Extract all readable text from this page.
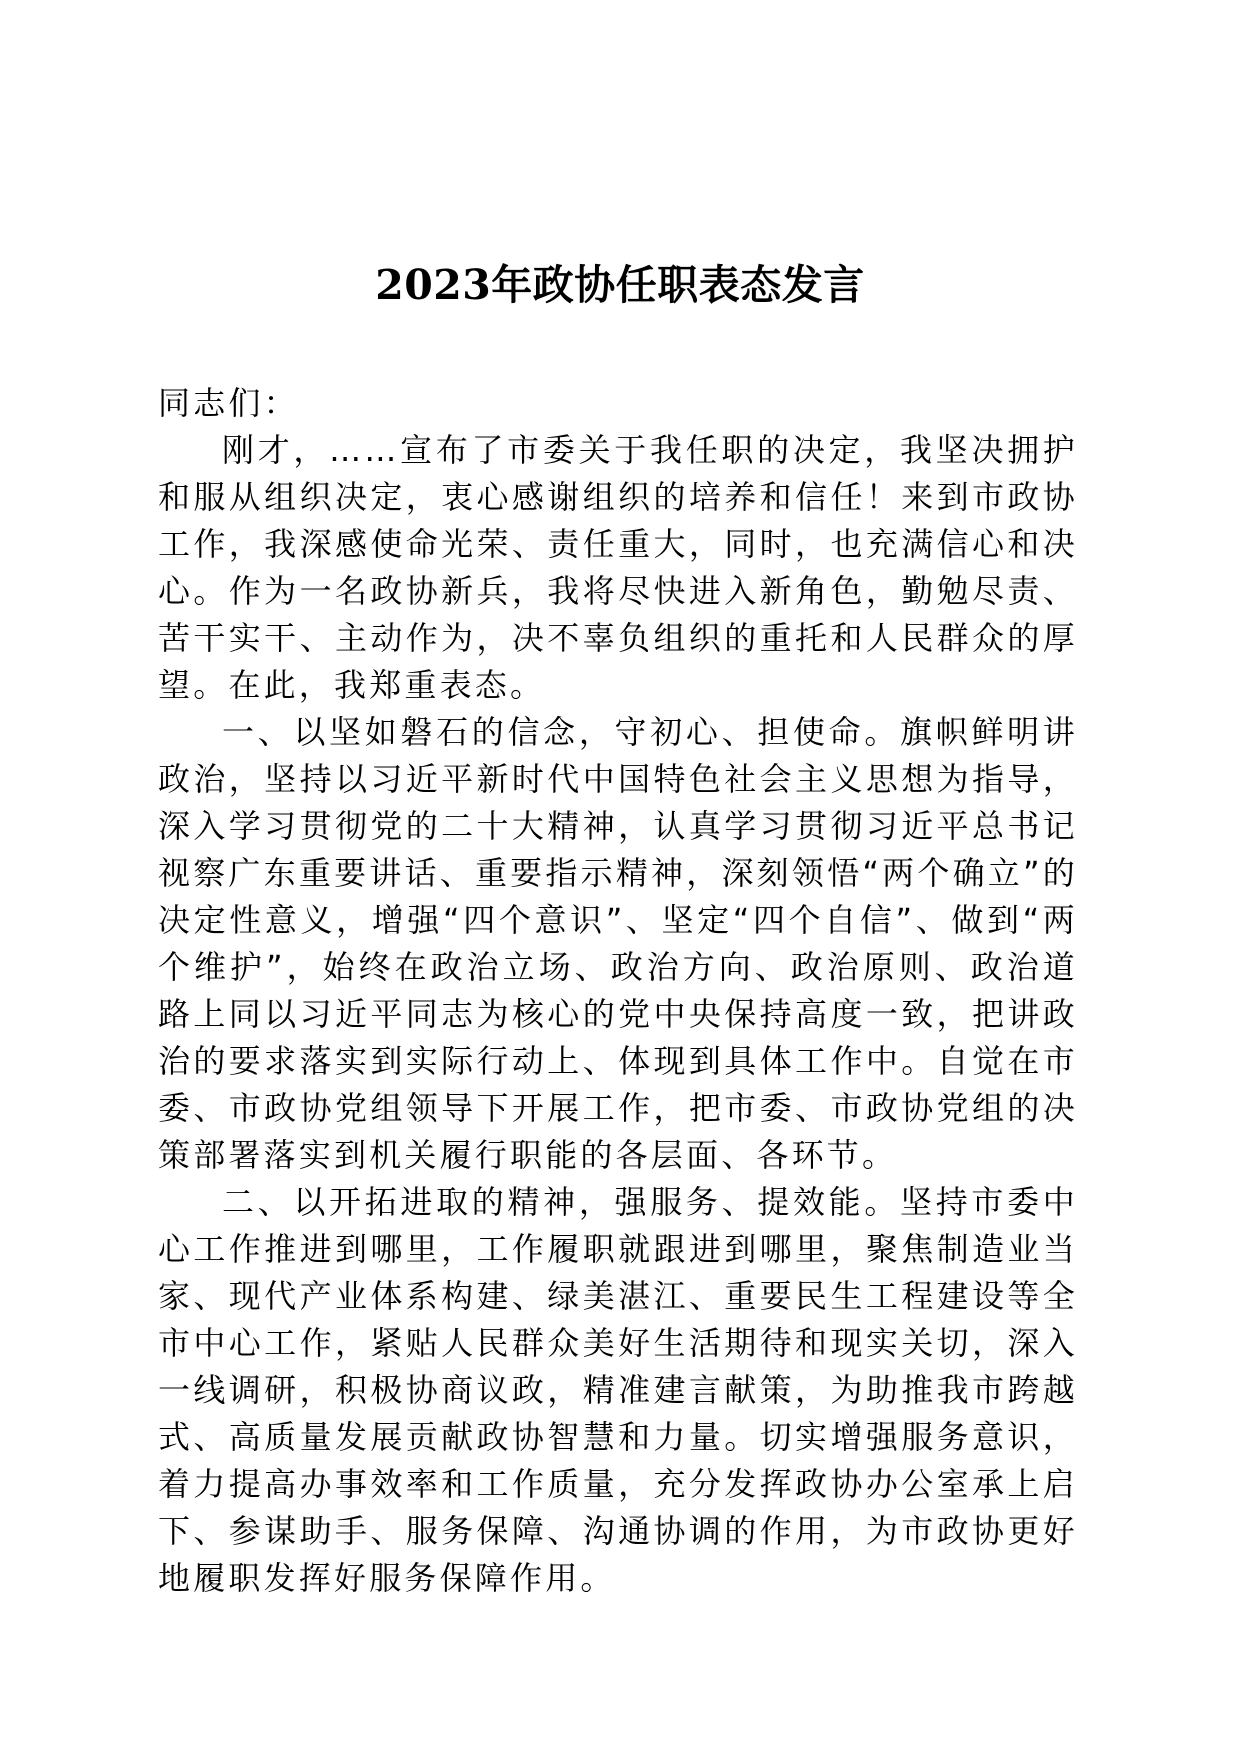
2023年政协任职表态发言

同志们：

刚才，……宣布了市委关于我任职的决定，我坚决拥护和服从组织决定，衷心感谢组织的培养和信任！来到市政协工作，我深感使命光荣、责任重大，同时，也充满信心和决心。作为一名政协新兵，我将尽快进入新角色，勤勉尽责、苦干实干、主动作为，决不辜负组织的重托和人民群众的厚望。在此，我郑重表态。

一、以坚如磐石的信念，守初心、担使命。旗帜鲜明讲政治，坚持以习近平新时代中国特色社会主义思想为指导，深入学习贯彻党的二十大精神，认真学习贯彻习近平总书记视察广东重要讲话、重要指示精神，深刻领悟“两个确立”的决定性意义，增强“四个意识”、坚定“四个自信”、做到“两个维护”，始终在政治立场、政治方向、政治原则、政治道路上同以习近平同志为核心的党中央保持高度一致，把讲政治的要求落实到实际行动上、体现到具体工作中。自觉在市委、市政协党组领导下开展工作，把市委、市政协党组的决策部署落实到机关履行职能的各层面、各环节。

二、以开拓进取的精神，强服务、提效能。坚持市委中心工作推进到哪里，工作履职就跟进到哪里，聚焦制造业当家、现代产业体系构建、绿美湛江、重要民生工程建设等全市中心工作，紧贴人民群众美好生活期待和现实关切，深入一线调研，积极协商议政，精准建言献策，为助推我市跨越式、高质量发展贡献政协智慧和力量。切实增强服务意识，着力提高办事效率和工作质量，充分发挥政协办公室承上启下、参谋助手、服务保障、沟通协调的作用，为市政协更好地履职发挥好服务保障作用。
